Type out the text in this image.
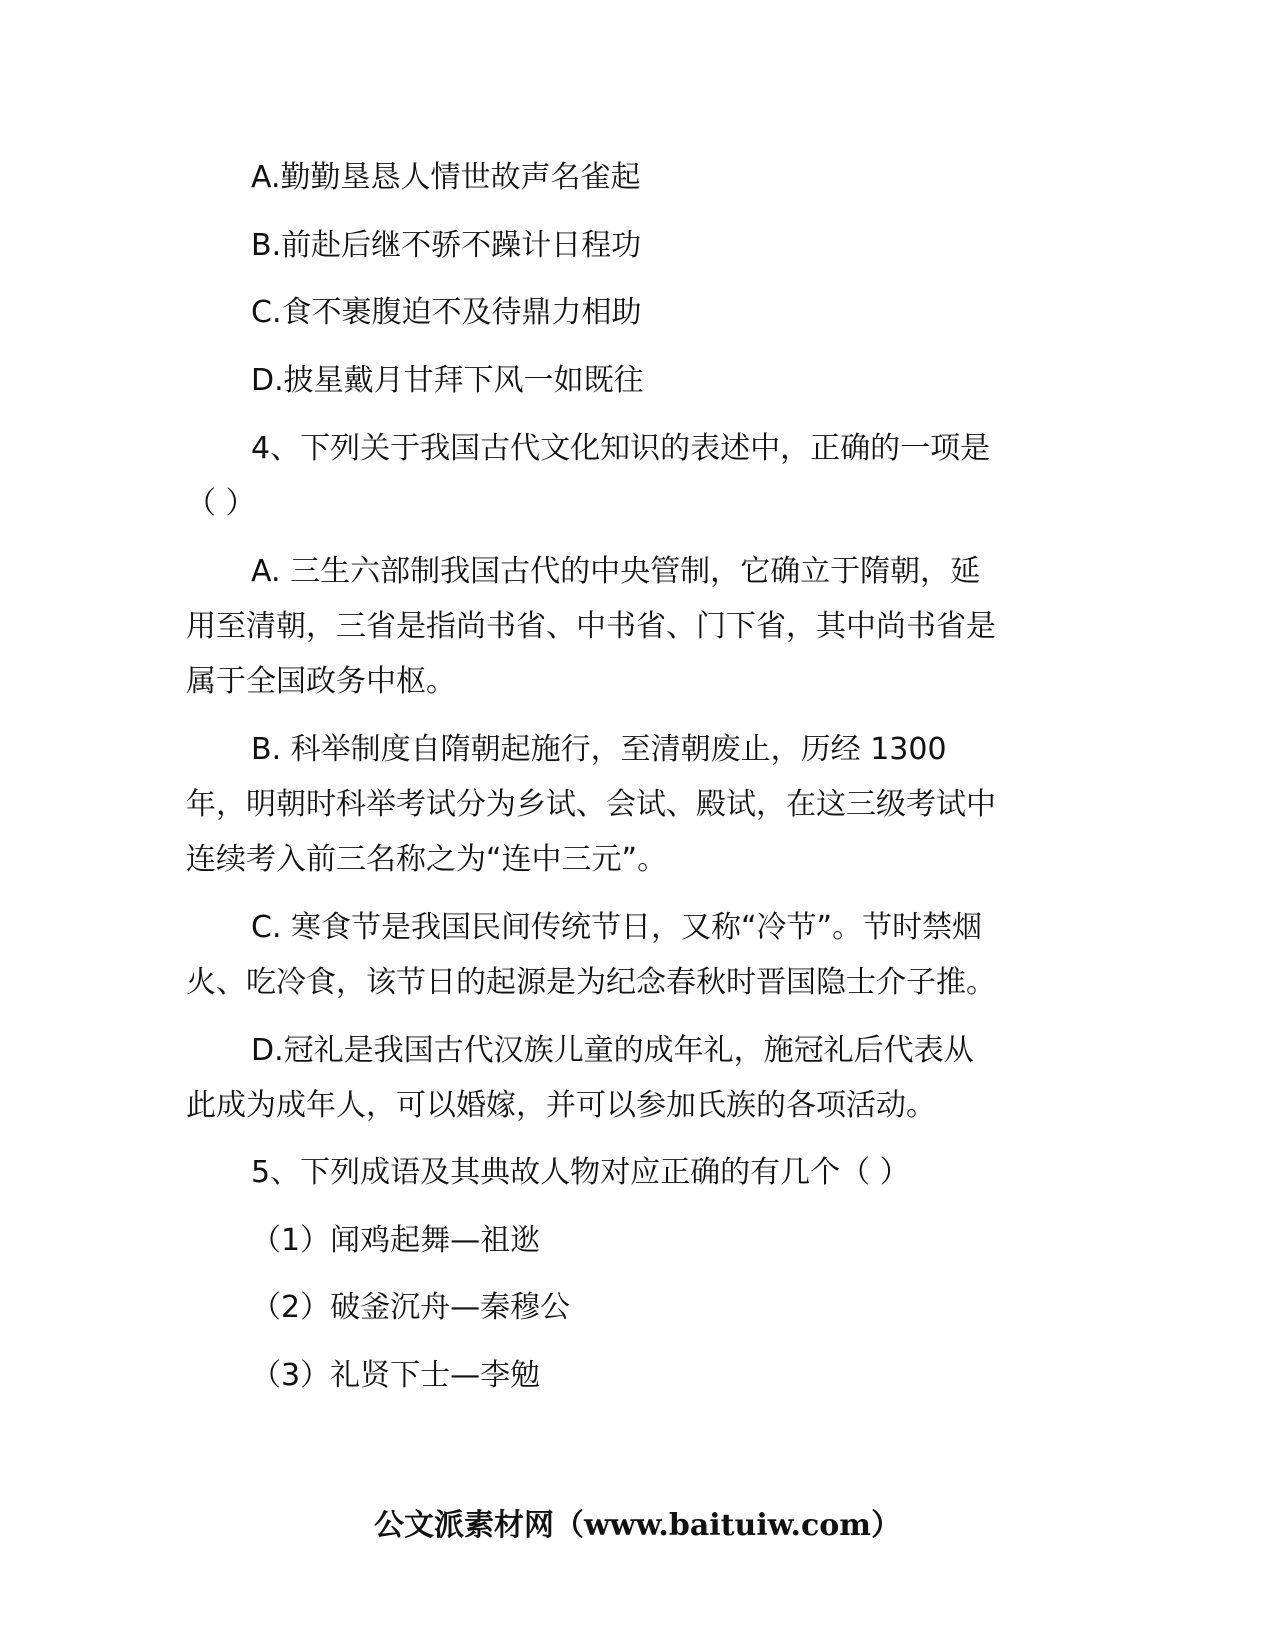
A.勤勤垦恳人情世故声名雀起
B.前赴后继不骄不躁计日程功
C.食不裹腹迫不及待鼎力相助
D.披星戴月甘拜下风一如既往
4、下列关于我国古代文化知识的表述中，正确的一项是
（ ）
A. 三生六部制我国古代的中央管制，它确立于隋朝，延
用至清朝，三省是指尚书省、中书省、门下省，其中尚书省是
属于全国政务中枢。
B. 科举制度自隋朝起施行，至清朝废止，历经 1300
年，明朝时科举考试分为乡试、会试、殿试，在这三级考试中
连续考入前三名称之为“连中三元”。
C. 寒食节是我国民间传统节日，又称“冷节”。节时禁烟
火、吃冷食，该节日的起源是为纪念春秋时晋国隐士介子推。
D.冠礼是我国古代汉族儿童的成年礼，施冠礼后代表从
此成为成年人，可以婚嫁，并可以参加氏族的各项活动。
5、下列成语及其典故人物对应正确的有几个（ ）
（1）闻鸡起舞—祖逖
（2）破釜沉舟—秦穆公
（3）礼贤下士—李勉
公文派素材网（www.baituiw.com）
